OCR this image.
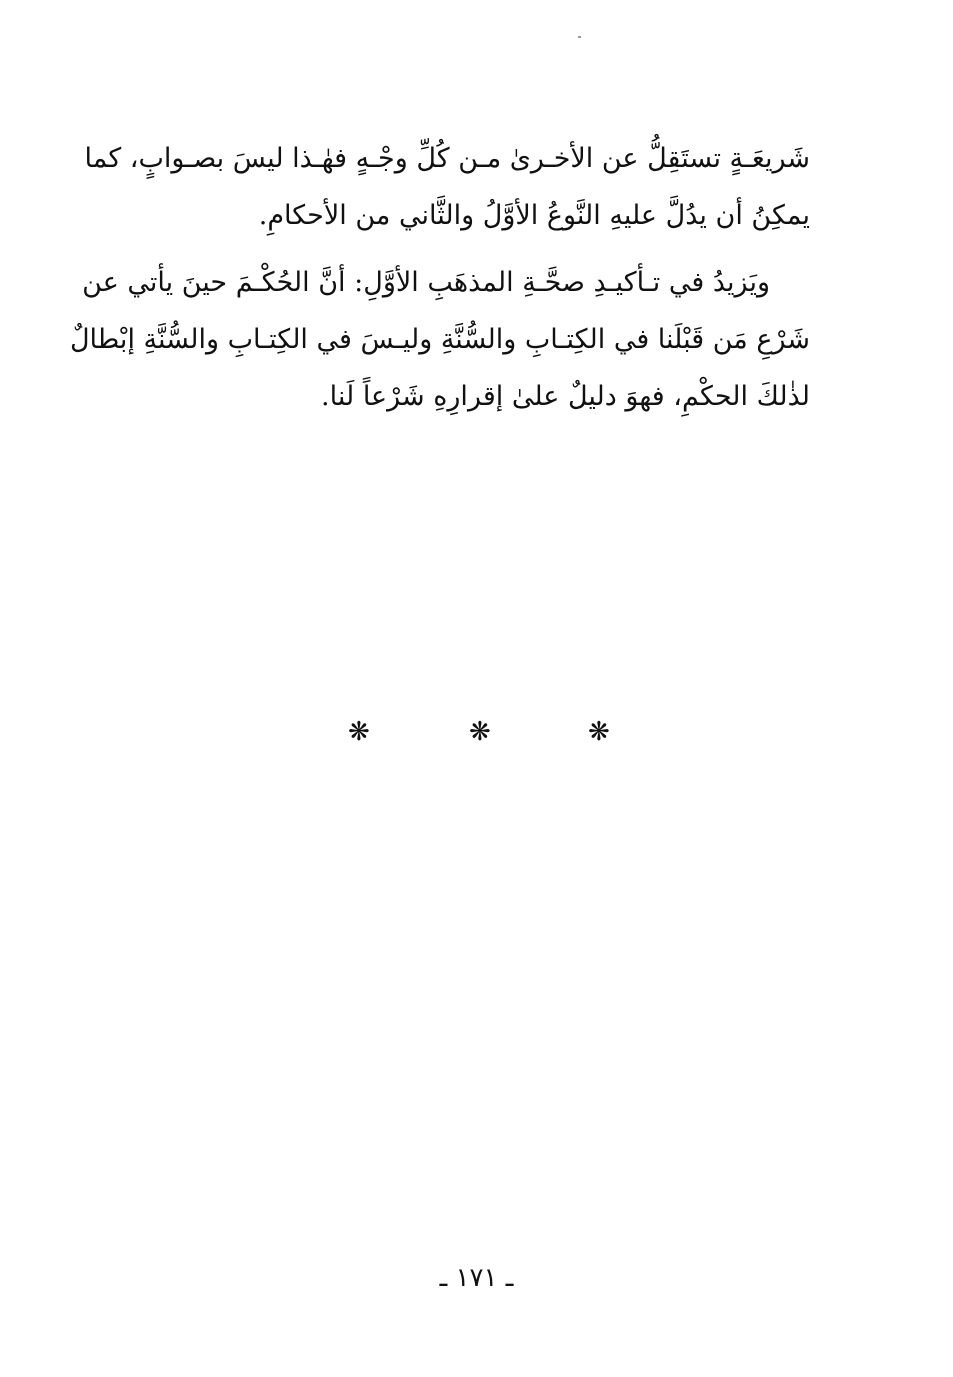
شَريعَـةٍ تستَقِلُّ عن الأخـرىٰ مـن كُلِّ وجْـهٍ فهٰـذا ليسَ بصـوابٍ، كما
يمكِنُ أن يدُلَّ عليهِ النَّوعُ الأوَّلُ والثَّاني من الأحكامِ.

ويَزيدُ في تـأكيـدِ صحَّـةِ المذهَبِ الأوَّلِ: أنَّ الحُكْـمَ حينَ يأتي عن
شَرْعِ مَن قَبْلَنا في الكِتـابِ والسُّنَّةِ وليـسَ في الكِتـابِ والسُّنَّةِ إبْطالٌ
لذٰلكَ الحكْمِ، فهوَ دليلٌ علىٰ إقرارِهِ شَرْعاً لَنا.

❋
❋
❋
ـ ١٧١ ـ
